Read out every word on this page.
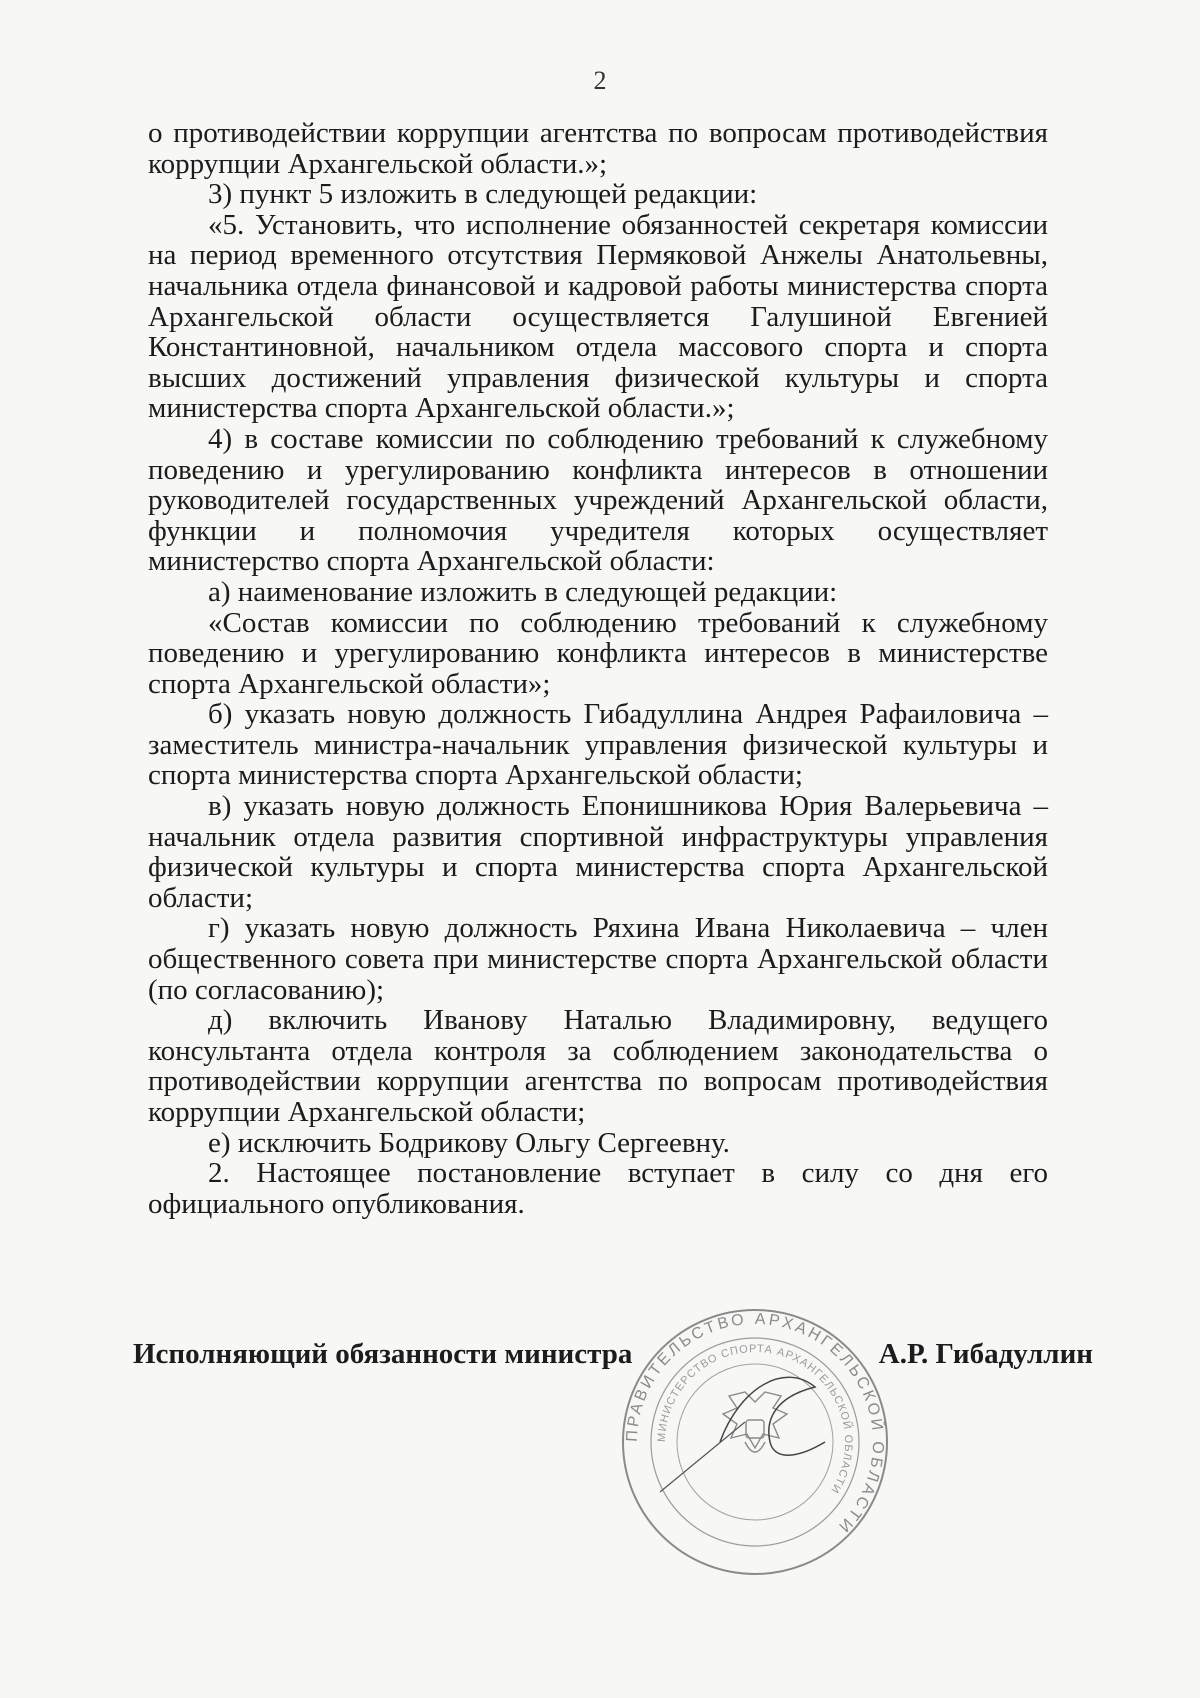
2

о противодействии коррупции агентства по вопросам противодействия коррупции Архангельской области.»;

3) пункт 5 изложить в следующей редакции:

«5. Установить, что исполнение обязанностей секретаря комиссии на период временного отсутствия Пермяковой Анжелы Анатольевны, начальника отдела финансовой и кадровой работы министерства спорта Архангельской области осуществляется Галушиной Евгенией Константиновной, начальником отдела массового спорта и спорта высших достижений управления физической культуры и спорта министерства спорта Архангельской области.»;

4) в составе комиссии по соблюдению требований к служебному поведению и урегулированию конфликта интересов в отношении руководителей государственных учреждений Архангельской области, функции и полномочия учредителя которых осуществляет министерство спорта Архангельской области:

а) наименование изложить в следующей редакции:

«Состав комиссии по соблюдению требований к служебному поведению и урегулированию конфликта интересов в министерстве спорта Архангельской области»;

б) указать новую должность Гибадуллина Андрея Рафаиловича – заместитель министра-начальник управления физической культуры и спорта министерства спорта Архангельской области;

в) указать новую должность Епонишникова Юрия Валерьевича – начальник отдела развития спортивной инфраструктуры управления физической культуры и спорта министерства спорта Архангельской области;

г) указать новую должность Ряхина Ивана Николаевича – член общественного совета при министерстве спорта Архангельской области (по согласованию);

д) включить Иванову Наталью Владимировну, ведущего консультанта отдела контроля за соблюдением законодательства о противодействии коррупции агентства по вопросам противодействия коррупции Архангельской области;

е) исключить Бодрикову Ольгу Сергеевну.

2. Настоящее постановление вступает в силу со дня его официального опубликования.

ПРАВИТЕЛЬСТВО АРХАНГЕЛЬСКОЙ ОБЛАСТИ
МИНИСТЕРСТВО СПОРТА АРХАНГЕЛЬСКОЙ ОБЛАСТИ
Исполняющий обязанности министра	А.Р. Гибадуллин
